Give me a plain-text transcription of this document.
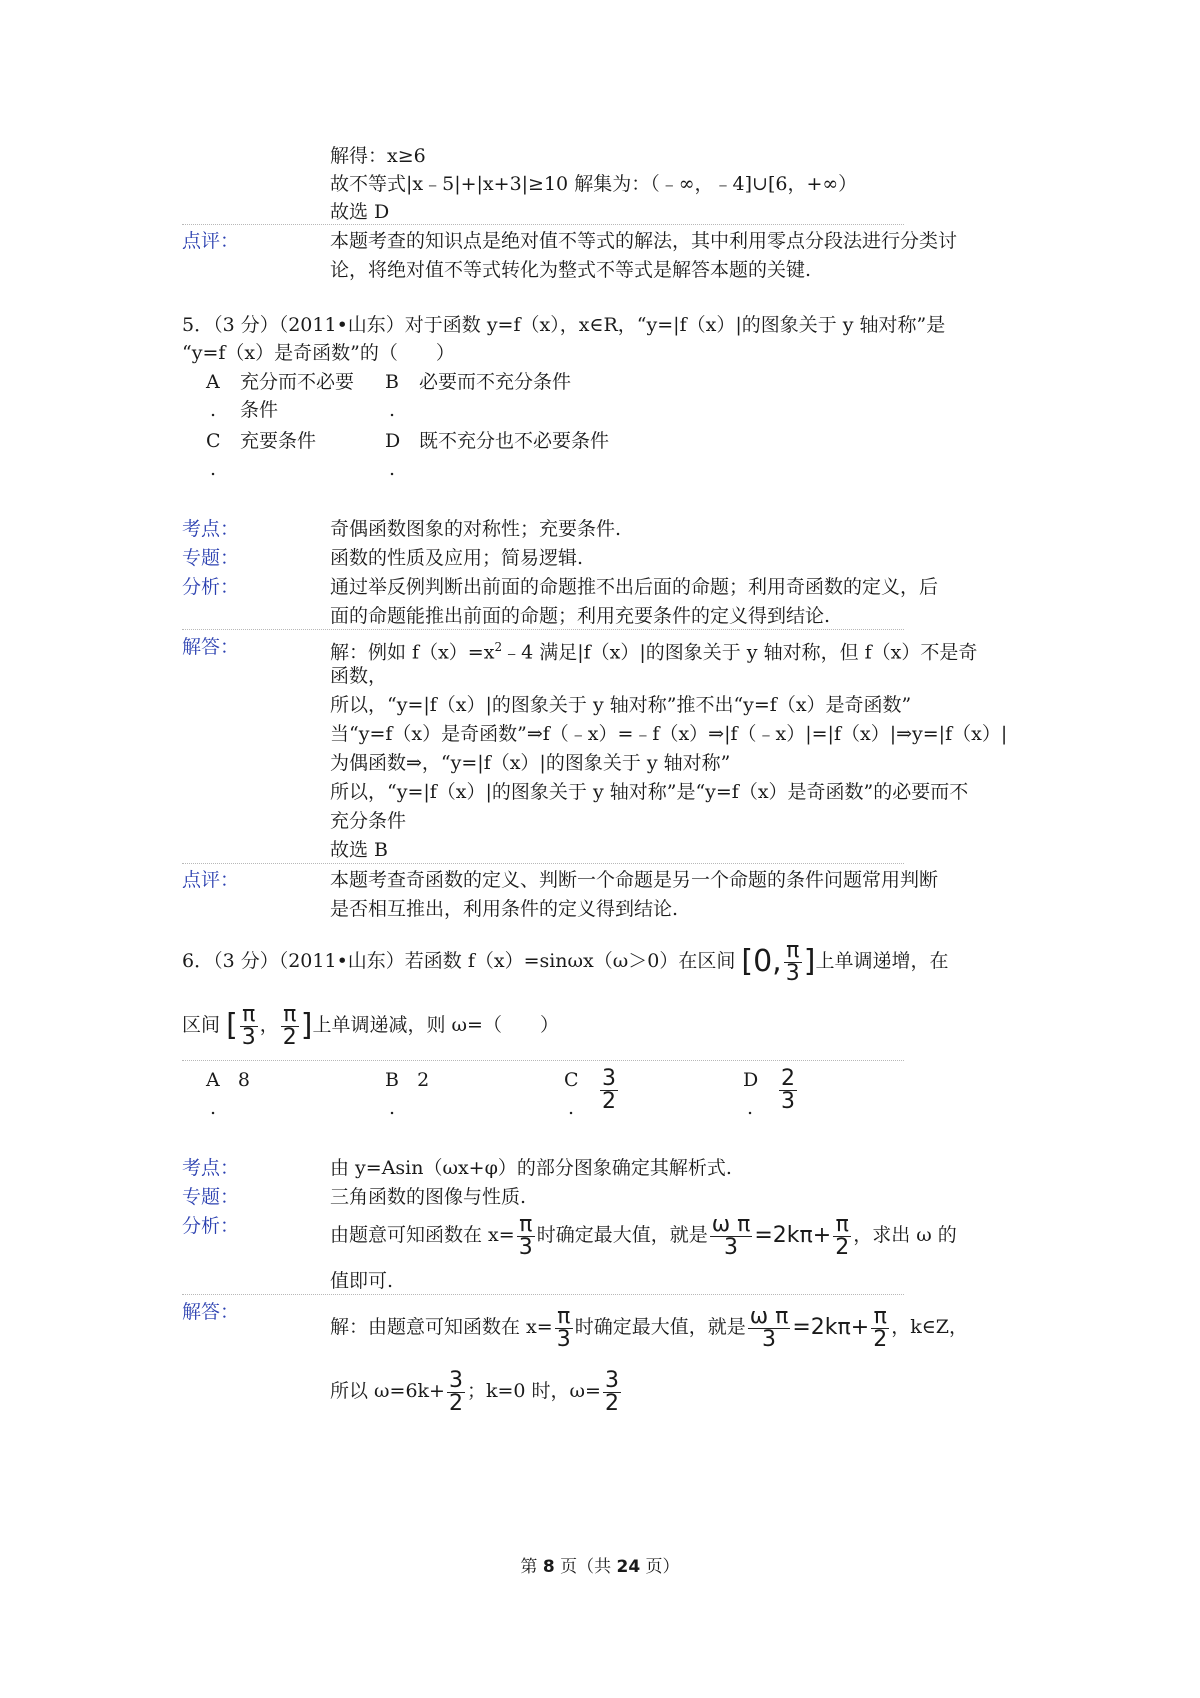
解得：x≥6
故不等式|x﹣5|+|x+3|≥10 解集为：（﹣∞，﹣4]∪[6，+∞）
故选 D
点评：	本题考查的知识点是绝对值不等式的解法，其中利用零点分段法进行分类讨
论，将绝对值不等式转化为整式不等式是解答本题的关键.
5．（3 分）（2011•山东）对于函数 y=f（x），x∈R，“y=|f（x）|的图象关于 y 轴对称”是
“y=f（x）是奇函数”的（　　）
A 充分而不必要
. 条件
B 必要而不充分条件
.
C 充要条件
.
D 既不充分也不必要条件
.
考点：	奇偶函数图象的对称性；充要条件.
专题：	函数的性质及应用；简易逻辑.
分析：	通过举反例判断出前面的命题推不出后面的命题；利用奇函数的定义，后
面的命题能推出前面的命题；利用充要条件的定义得到结论.
解答：	解：例如 $f(x)=x^2﹣4$ 满足|f（x）|的图象关于 y 轴对称，但 f（x）不是奇
函数，
所以，“y=|f（x）|的图象关于 y 轴对称”推不出“y=f（x）是奇函数”
当“y=f（x）是奇函数”⇒f（﹣x）=﹣f（x）⇒|f（﹣x）|=|f（x）|⇒y=|f（x）|
为偶函数⇒，“y=|f（x）|的图象关于 y 轴对称”
所以，“y=|f（x）|的图象关于 y 轴对称”是“y=f（x）是奇函数”的必要而不
充分条件
故选 B
点评：	本题考查奇函数的定义、判断一个命题是另一个命题的条件问题常用判断
是否相互推出，利用条件的定义得到结论.
6．（3 分）（2011•山东）若函数 f（x）=sinωx（ω＞0）在区间 [0, $\frac{\pi}{3}$ ]上单调递增，在
区间 [ $\frac{\pi}{3}$ ， $\frac{\pi}{2}$ ]上单调递减，则 ω=（　　）
A 8
.
B 2
.
C
. $\frac{3}{2}$	D
. $\frac{2}{3}$
考点：	由 y=Asin（ωx+φ）的部分图象确定其解析式.
专题：	三角函数的图像与性质.
分析：	由题意可知函数在 $x= \frac{\pi}{3}$ 时确定最大值，就是 $\frac{\text{ω π}}{3} =2k\pi+ \frac{\pi}{2}$ ，求出 ω 的
值即可.
解答：
解：由题意可知函数在 $x= \frac{\pi}{3}$ 时确定最大值，就是 $\frac{\text{ω π}}{3} =2k\pi+ \frac{\pi}{2}$ ，k∈Z，
所以 $\omega=6k+ \frac{3}{2}$ ；k=0 时，$\omega= \frac{3}{2}$
第 8 页（共 24 页）
